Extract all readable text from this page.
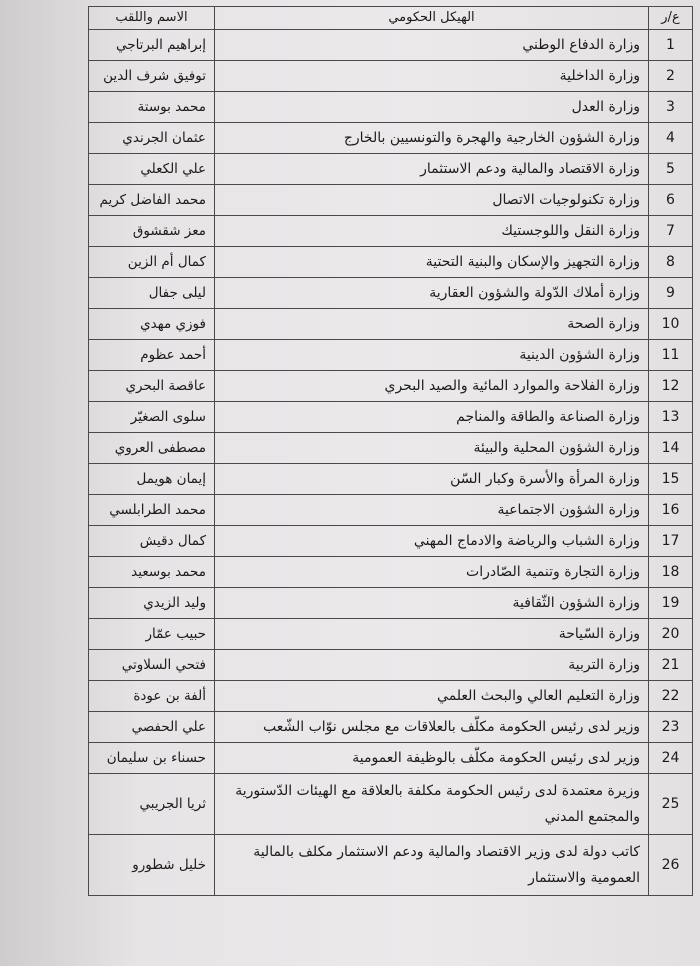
ع/ر	الهيكل الحكومي	الاسم واللقب
1	وزارة الدفاع الوطني	إبراهيم البرتاجي
2	وزارة الداخلية	توفيق شرف الدين
3	وزارة العدل	محمد بوستة
4	وزارة الشؤون الخارجية والهجرة والتونسيين بالخارج	عثمان الجرندي
5	وزارة الاقتصاد والمالية ودعم الاستثمار	علي الكعلي
6	وزارة تكنولوجيات الاتصال	محمد الفاضل كريم
7	وزارة النقل واللوجستيك	معز شقشوق
8	وزارة التجهيز والإسكان والبنية التحتية	كمال أم الزين
9	وزارة أملاك الدّولة والشؤون العقارية	ليلى جفال
10	وزارة الصحة	فوزي مهدي
11	وزارة الشؤون الدينية	أحمد عظوم
12	وزارة الفلاحة والموارد المائية والصيد البحري	عاقصة البحري
13	وزارة الصناعة والطاقة والمناجم	سلوى الصغيّر
14	وزارة الشؤون المحلية والبيئة	مصطفى العروي
15	وزارة المرأة والأسرة وكبار السّن	إيمان هويمل
16	وزارة الشؤون الاجتماعية	محمد الطرابلسي
17	وزارة الشباب والرياضة والادماج المهني	كمال دقيش
18	وزارة التجارة وتنمية الصّادرات	محمد بوسعيد
19	وزارة الشؤون الثّقافية	وليد الزيدي
20	وزارة السّياحة	حبيب عمّار
21	وزارة التربية	فتحي السلاوتي
22	وزارة التعليم العالي والبحث العلمي	ألفة بن عودة
23	وزير لدى رئيس الحكومة مكلّف بالعلاقات مع مجلس نوّاب الشّعب	علي الحفصي
24	وزير لدى رئيس الحكومة مكلّف بالوظيفة العمومية	حسناء بن سليمان
25	وزيرة معتمدة لدى رئيس الحكومة مكلفة بالعلاقة مع الهيئات الدّستورية والمجتمع المدني	ثريا الجريبي
26	كاتب دولة لدى وزير الاقتصاد والمالية ودعم الاستثمار مكلف بالمالية العمومية والاستثمار	خليل شطورو
